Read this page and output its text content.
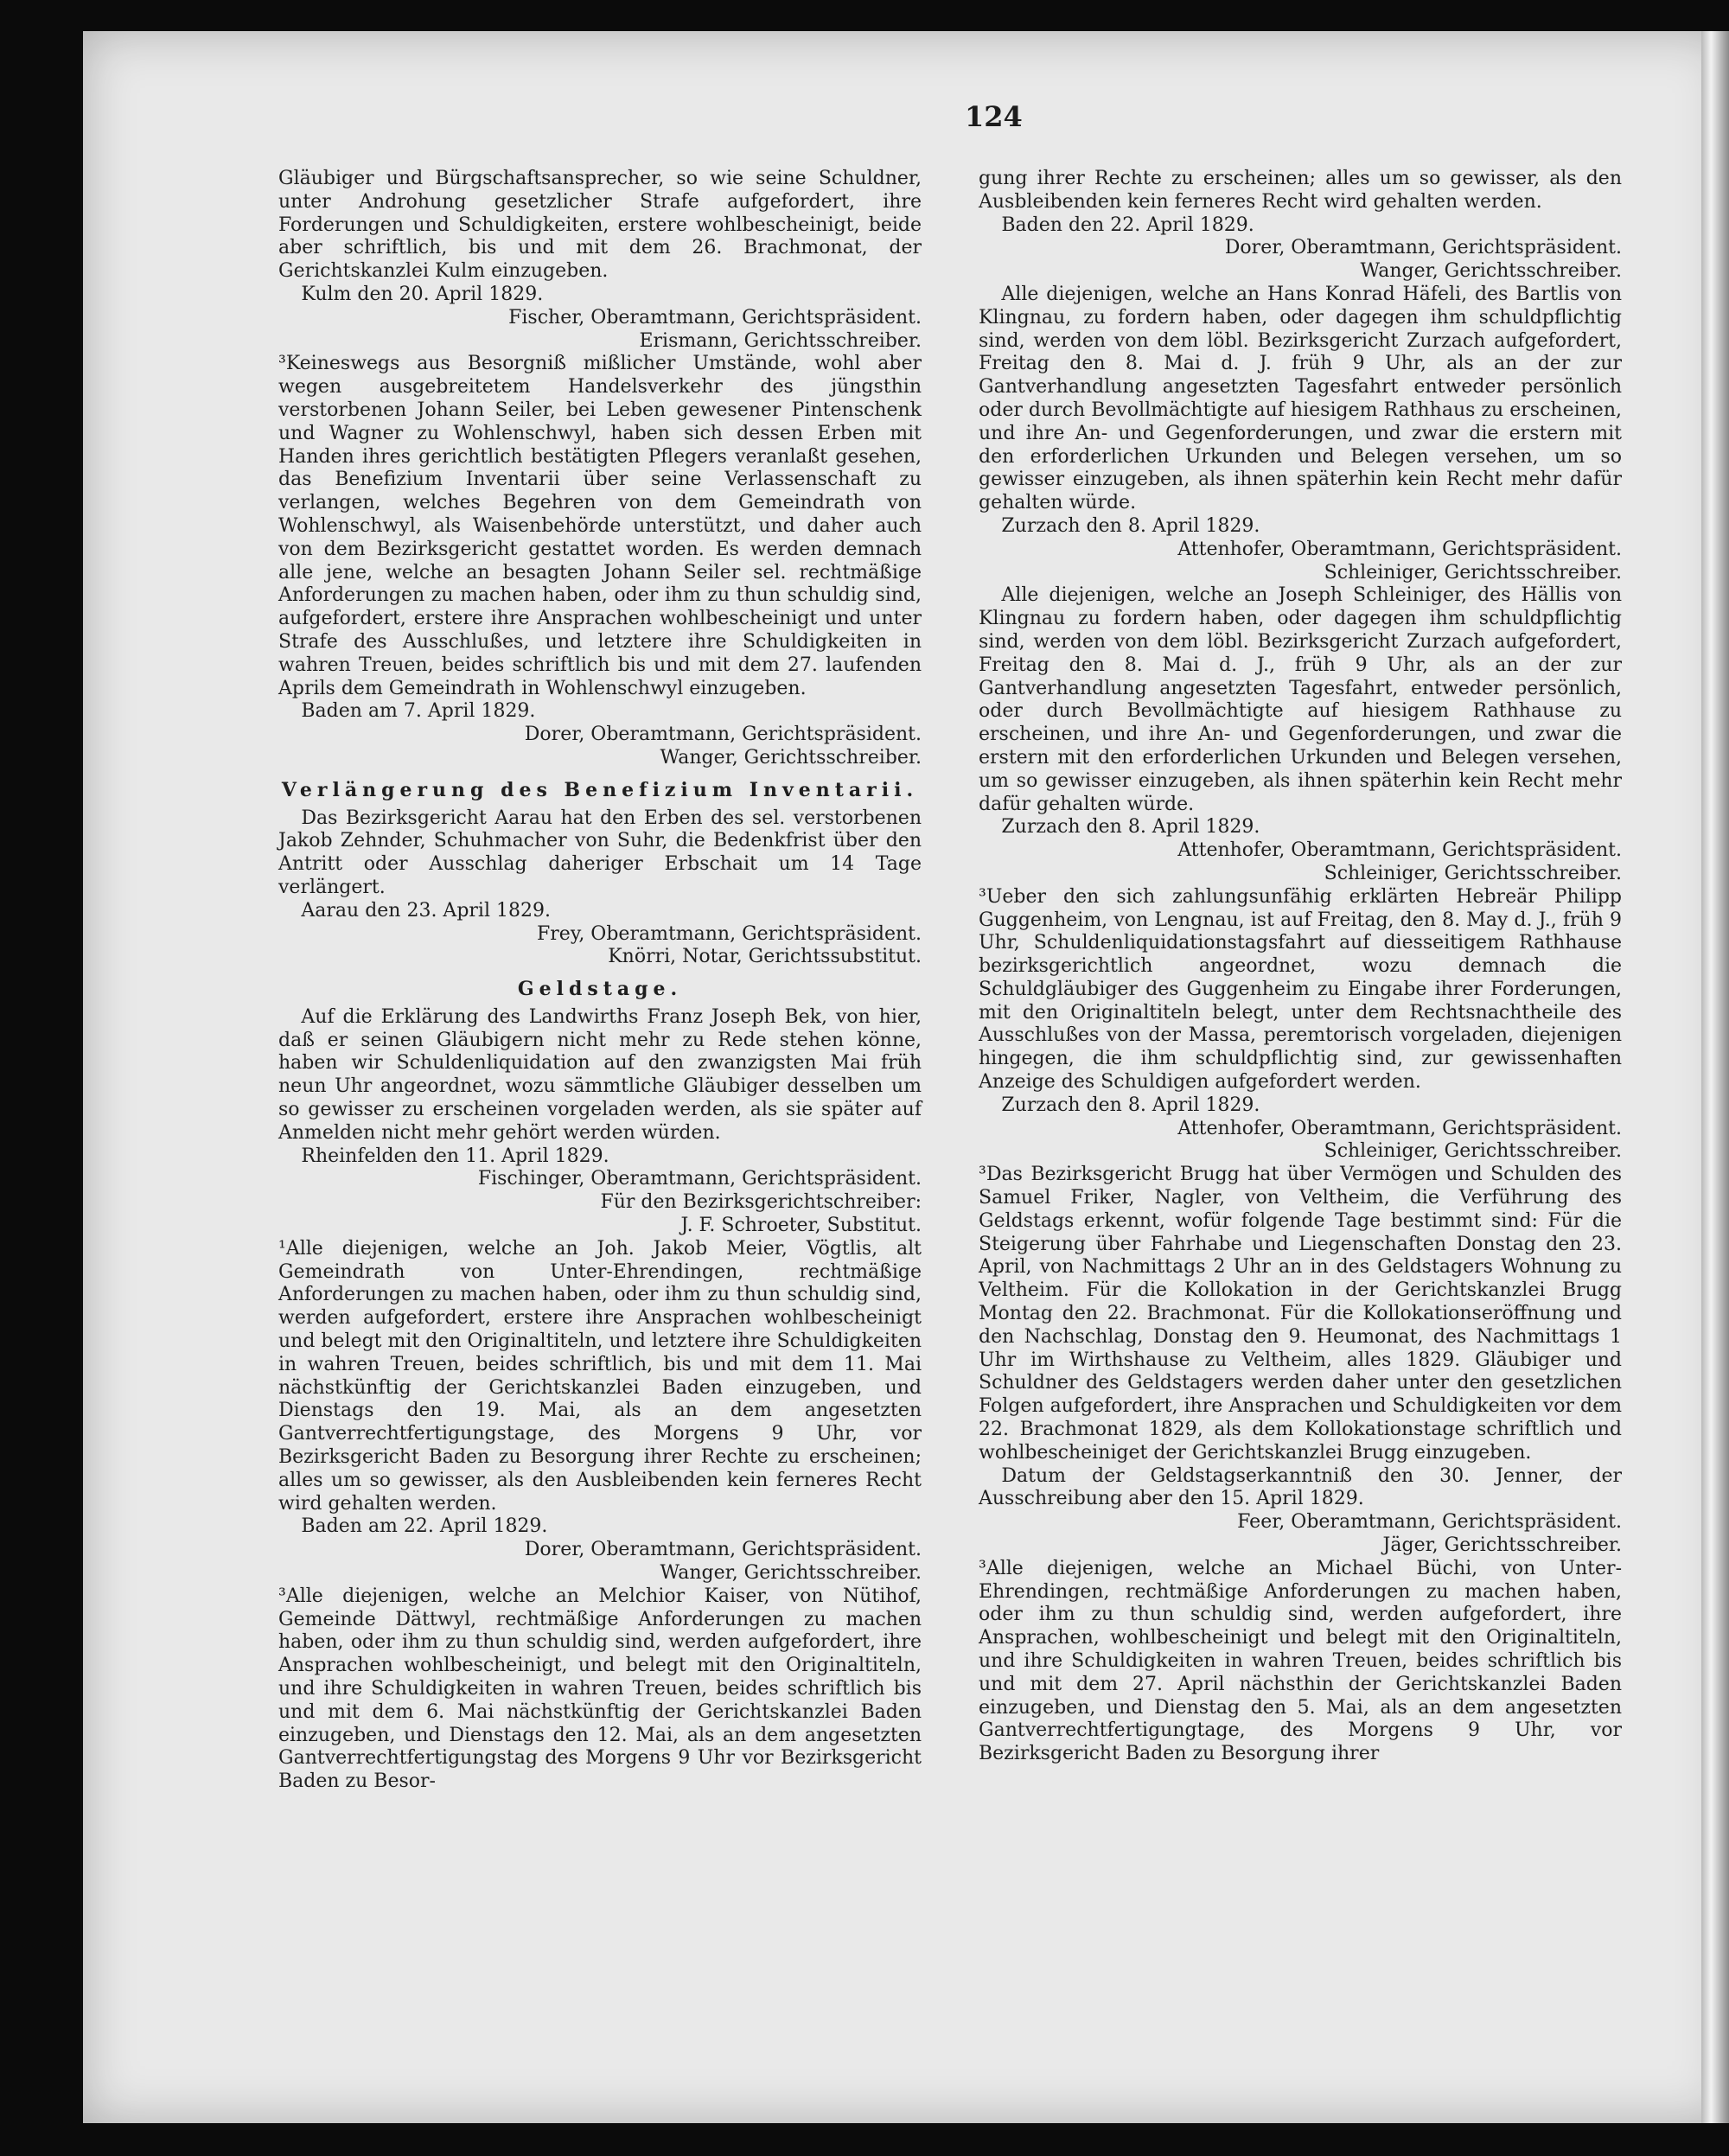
124

Gläubiger und Bürgschaftsansprecher, so wie seine Schuldner, unter Androhung gesetzlicher Strafe aufgefordert, ihre Forderungen und Schuldigkeiten, erstere wohlbescheinigt, beide aber schriftlich, bis und mit dem 26. Brachmonat, der Gerichtskanzlei Kulm einzugeben.

Kulm den 20. April 1829.

Fischer, Oberamtmann, Gerichtspräsident.

Erismann, Gerichtsschreiber.

³Keineswegs aus Besorgniß mißlicher Umstände, wohl aber wegen ausgebreitetem Handelsverkehr des jüngsthin verstorbenen Johann Seiler, bei Leben gewesener Pintenschenk und Wagner zu Wohlenschwyl, haben sich dessen Erben mit Handen ihres gerichtlich bestätigten Pflegers veranlaßt gesehen, das Benefizium Inventarii über seine Verlassenschaft zu verlangen, welches Begehren von dem Gemeindrath von Wohlenschwyl, als Waisenbehörde unterstützt, und daher auch von dem Bezirksgericht gestattet worden. Es werden demnach alle jene, welche an besagten Johann Seiler sel. rechtmäßige Anforderungen zu machen haben, oder ihm zu thun schuldig sind, aufgefordert, erstere ihre Ansprachen wohlbescheinigt und unter Strafe des Ausschlußes, und letztere ihre Schuldigkeiten in wahren Treuen, beides schriftlich bis und mit dem 27. laufenden Aprils dem Gemeindrath in Wohlenschwyl einzugeben.

Baden am 7. April 1829.

Dorer, Oberamtmann, Gerichtspräsident.

Wanger, Gerichtsschreiber.

Verlängerung des Benefizium Inventarii.

Das Bezirksgericht Aarau hat den Erben des sel. verstorbenen Jakob Zehnder, Schuhmacher von Suhr, die Bedenkfrist über den Antritt oder Ausschlag daheriger Erbschait um 14 Tage verlängert.

Aarau den 23. April 1829.

Frey, Oberamtmann, Gerichtspräsident.

Knörri, Notar, Gerichtssubstitut.

Geldstage.

Auf die Erklärung des Landwirths Franz Joseph Bek, von hier, daß er seinen Gläubigern nicht mehr zu Rede stehen könne, haben wir Schuldenliquidation auf den zwanzigsten Mai früh neun Uhr angeordnet, wozu sämmtliche Gläubiger desselben um so gewisser zu erscheinen vorgeladen werden, als sie später auf Anmelden nicht mehr gehört werden würden.

Rheinfelden den 11. April 1829.

Fischinger, Oberamtmann, Gerichtspräsident.

Für den Bezirksgerichtschreiber:

J. F. Schroeter, Substitut.

¹Alle diejenigen, welche an Joh. Jakob Meier, Vögtlis, alt Gemeindrath von Unter-Ehrendingen, rechtmäßige Anforderungen zu machen haben, oder ihm zu thun schuldig sind, werden aufgefordert, erstere ihre Ansprachen wohlbescheinigt und belegt mit den Originaltiteln, und letztere ihre Schuldigkeiten in wahren Treuen, beides schriftlich, bis und mit dem 11. Mai nächstkünftig der Gerichtskanzlei Baden einzugeben, und Dienstags den 19. Mai, als an dem angesetzten Gantverrechtfertigungstage, des Morgens 9 Uhr, vor Bezirksgericht Baden zu Besorgung ihrer Rechte zu erscheinen; alles um so gewisser, als den Ausbleibenden kein ferneres Recht wird gehalten werden.

Baden am 22. April 1829.

Dorer, Oberamtmann, Gerichtspräsident.

Wanger, Gerichtsschreiber.

³Alle diejenigen, welche an Melchior Kaiser, von Nütihof, Gemeinde Dättwyl, rechtmäßige Anforderungen zu machen haben, oder ihm zu thun schuldig sind, werden aufgefordert, ihre Ansprachen wohlbescheinigt, und belegt mit den Originaltiteln, und ihre Schuldigkeiten in wahren Treuen, beides schriftlich bis und mit dem 6. Mai nächstkünftig der Gerichtskanzlei Baden einzugeben, und Dienstags den 12. Mai, als an dem angesetzten Gantverrechtfertigungstag des Morgens 9 Uhr vor Bezirksgericht Baden zu Besor-

gung ihrer Rechte zu erscheinen; alles um so gewisser, als den Ausbleibenden kein ferneres Recht wird gehalten werden.

Baden den 22. April 1829.

Dorer, Oberamtmann, Gerichtspräsident.

Wanger, Gerichtsschreiber.

Alle diejenigen, welche an Hans Konrad Häfeli, des Bartlis von Klingnau, zu fordern haben, oder dagegen ihm schuldpflichtig sind, werden von dem löbl. Bezirksgericht Zurzach aufgefordert, Freitag den 8. Mai d. J. früh 9 Uhr, als an der zur Gantverhandlung angesetzten Tagesfahrt entweder persönlich oder durch Bevollmächtigte auf hiesigem Rathhaus zu erscheinen, und ihre An- und Gegenforderungen, und zwar die erstern mit den erforderlichen Urkunden und Belegen versehen, um so gewisser einzugeben, als ihnen späterhin kein Recht mehr dafür gehalten würde.

Zurzach den 8. April 1829.

Attenhofer, Oberamtmann, Gerichtspräsident.

Schleiniger, Gerichtsschreiber.

Alle diejenigen, welche an Joseph Schleiniger, des Hällis von Klingnau zu fordern haben, oder dagegen ihm schuldpflichtig sind, werden von dem löbl. Bezirksgericht Zurzach aufgefordert, Freitag den 8. Mai d. J., früh 9 Uhr, als an der zur Gantverhandlung angesetzten Tagesfahrt, entweder persönlich, oder durch Bevollmächtigte auf hiesigem Rathhause zu erscheinen, und ihre An- und Gegenforderungen, und zwar die erstern mit den erforderlichen Urkunden und Belegen versehen, um so gewisser einzugeben, als ihnen späterhin kein Recht mehr dafür gehalten würde.

Zurzach den 8. April 1829.

Attenhofer, Oberamtmann, Gerichtspräsident.

Schleiniger, Gerichtsschreiber.

³Ueber den sich zahlungsunfähig erklärten Hebreär Philipp Guggenheim, von Lengnau, ist auf Freitag, den 8. May d. J., früh 9 Uhr, Schuldenliquidationstagsfahrt auf diesseitigem Rathhause bezirksgerichtlich angeordnet, wozu demnach die Schuldgläubiger des Guggenheim zu Eingabe ihrer Forderungen, mit den Originaltiteln belegt, unter dem Rechtsnachtheile des Ausschlußes von der Massa, peremtorisch vorgeladen, diejenigen hingegen, die ihm schuldpflichtig sind, zur gewissenhaften Anzeige des Schuldigen aufgefordert werden.

Zurzach den 8. April 1829.

Attenhofer, Oberamtmann, Gerichtspräsident.

Schleiniger, Gerichtsschreiber.

³Das Bezirksgericht Brugg hat über Vermögen und Schulden des Samuel Friker, Nagler, von Veltheim, die Verführung des Geldstags erkennt, wofür folgende Tage bestimmt sind: Für die Steigerung über Fahrhabe und Liegenschaften Donstag den 23. April, von Nachmittags 2 Uhr an in des Geldstagers Wohnung zu Veltheim. Für die Kollokation in der Gerichtskanzlei Brugg Montag den 22. Brachmonat. Für die Kollokationseröffnung und den Nachschlag, Donstag den 9. Heumonat, des Nachmittags 1 Uhr im Wirthshause zu Veltheim, alles 1829. Gläubiger und Schuldner des Geldstagers werden daher unter den gesetzlichen Folgen aufgefordert, ihre Ansprachen und Schuldigkeiten vor dem 22. Brachmonat 1829, als dem Kollokationstage schriftlich und wohlbescheiniget der Gerichtskanzlei Brugg einzugeben.

Datum der Geldstagserkanntniß den 30. Jenner, der Ausschreibung aber den 15. April 1829.

Feer, Oberamtmann, Gerichtspräsident.

Jäger, Gerichtsschreiber.

³Alle diejenigen, welche an Michael Büchi, von Unter-Ehrendingen, rechtmäßige Anforderungen zu machen haben, oder ihm zu thun schuldig sind, werden aufgefordert, ihre Ansprachen, wohlbescheinigt und belegt mit den Originaltiteln, und ihre Schuldigkeiten in wahren Treuen, beides schriftlich bis und mit dem 27. April nächsthin der Gerichtskanzlei Baden einzugeben, und Dienstag den 5. Mai, als an dem angesetzten Gantverrechtfertigungtage, des Morgens 9 Uhr, vor Bezirksgericht Baden zu Besorgung ihrer
